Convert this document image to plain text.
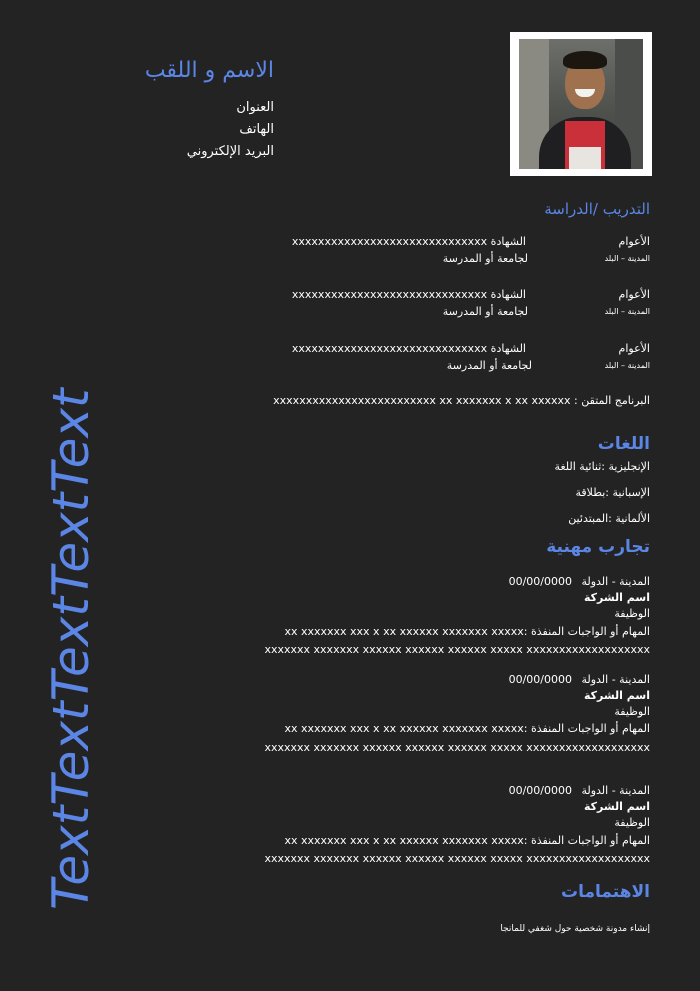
الاسم و اللقب
العنوان
الهاتف
البريد الإلكتروني
TextTextTextTextText
التدريب /الدراسة
الأعوام
المدينة – البلد
الشهادة xxxxxxxxxxxxxxxxxxxxxxxxxxxxxx
لجامعة أو المدرسة
الأعوام
المدينة – البلد
الشهادة xxxxxxxxxxxxxxxxxxxxxxxxxxxxxx
لجامعة أو المدرسة
الأعوام
المدينة – البلد
الشهادة xxxxxxxxxxxxxxxxxxxxxxxxxxxxxx
لجامعة أو المدرسة
البرنامج المتقن : xxxxxxxxxxxxxxxxxxxxxxxxx xx xxxxxxx x xx xxxxxx
اللغات
الإنجليزية :ثنائية اللغة
الإسبانية :بطلاقة
الألمانية :المبتدئين
تجارب مهنية
المدينة - الدولة
00/00/0000
اسم الشركة
الوظيفة
المهام أو الواجبات المنفذة :xx xxxxxxx xxx x xx xxxxxx xxxxxxx xxxxx
xxxxxxx xxxxxxx xxxxxx xxxxxx xxxxxx xxxxx xxxxxxxxxxxxxxxxxxx
المدينة - الدولة
00/00/0000
اسم الشركة
الوظيفة
المهام أو الواجبات المنفذة :xx xxxxxxx xxx x xx xxxxxx xxxxxxx xxxxx
xxxxxxx xxxxxxx xxxxxx xxxxxx xxxxxx xxxxx xxxxxxxxxxxxxxxxxxx
المدينة - الدولة
00/00/0000
اسم الشركة
الوظيفة
المهام أو الواجبات المنفذة :xx xxxxxxx xxx x xx xxxxxx xxxxxxx xxxxx
xxxxxxx xxxxxxx xxxxxx xxxxxx xxxxxx xxxxx xxxxxxxxxxxxxxxxxxx
الاهتمامات
إنشاء مدونة شخصية حول شغفي للمانجا
